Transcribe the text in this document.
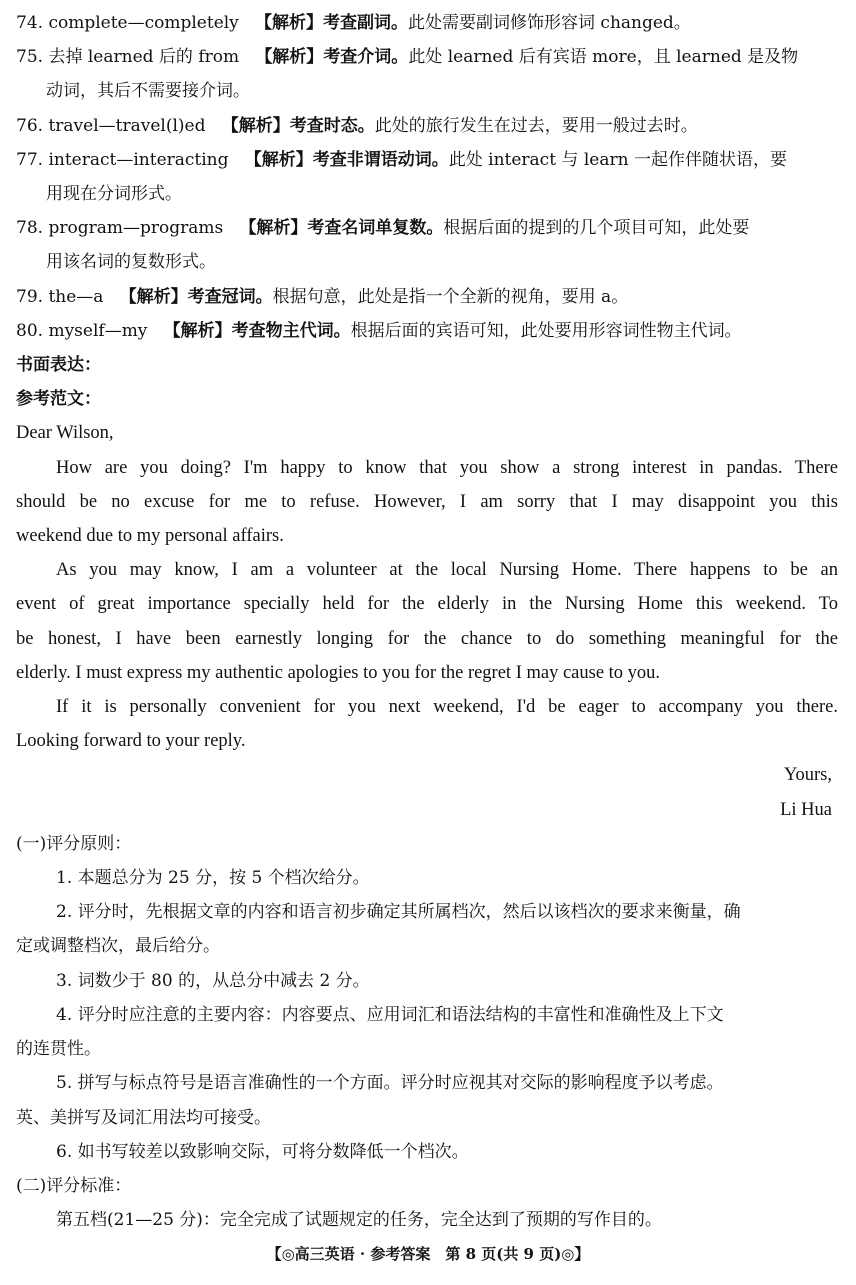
74. complete—completely 【解析】考查副词。此处需要副词修饰形容词 changed。
75. 去掉 learned 后的 from 【解析】考查介词。此处 learned 后有宾语 more，且 learned 是及物
动词，其后不需要接介词。
76. travel—travel(l)ed 【解析】考查时态。此处的旅行发生在过去，要用一般过去时。
77. interact—interacting 【解析】考查非谓语动词。此处 interact 与 learn 一起作伴随状语，要
用现在分词形式。
78. program—programs 【解析】考查名词单复数。根据后面的提到的几个项目可知，此处要
用该名词的复数形式。
79. the—a 【解析】考查冠词。根据句意，此处是指一个全新的视角，要用 a。
80. myself—my 【解析】考查物主代词。根据后面的宾语可知，此处要用形容词性物主代词。
书面表达：
参考范文：
Dear Wilson,
How are you doing? I'm happy to know that you show a strong interest in pandas. There
should be no excuse for me to refuse. However, I am sorry that I may disappoint you this
weekend due to my personal affairs.
As you may know, I am a volunteer at the local Nursing Home. There happens to be an
event of great importance specially held for the elderly in the Nursing Home this weekend. To
be honest, I have been earnestly longing for the chance to do something meaningful for the
elderly. I must express my authentic apologies to you for the regret I may cause to you.
If it is personally convenient for you next weekend, I'd be eager to accompany you there.
Looking forward to your reply.
Yours,
Li Hua
(一)评分原则：
1. 本题总分为 25 分，按 5 个档次给分。
2. 评分时，先根据文章的内容和语言初步确定其所属档次，然后以该档次的要求来衡量，确
定或调整档次，最后给分。
3. 词数少于 80 的，从总分中减去 2 分。
4. 评分时应注意的主要内容：内容要点、应用词汇和语法结构的丰富性和准确性及上下文
的连贯性。
5. 拼写与标点符号是语言准确性的一个方面。评分时应视其对交际的影响程度予以考虑。
英、美拼写及词汇用法均可接受。
6. 如书写较差以致影响交际，可将分数降低一个档次。
(二)评分标准：
第五档(21—25 分)：完全完成了试题规定的任务，完全达到了预期的写作目的。
【◎高三英语 · 参考答案　第 8 页(共 9 页)◎】
